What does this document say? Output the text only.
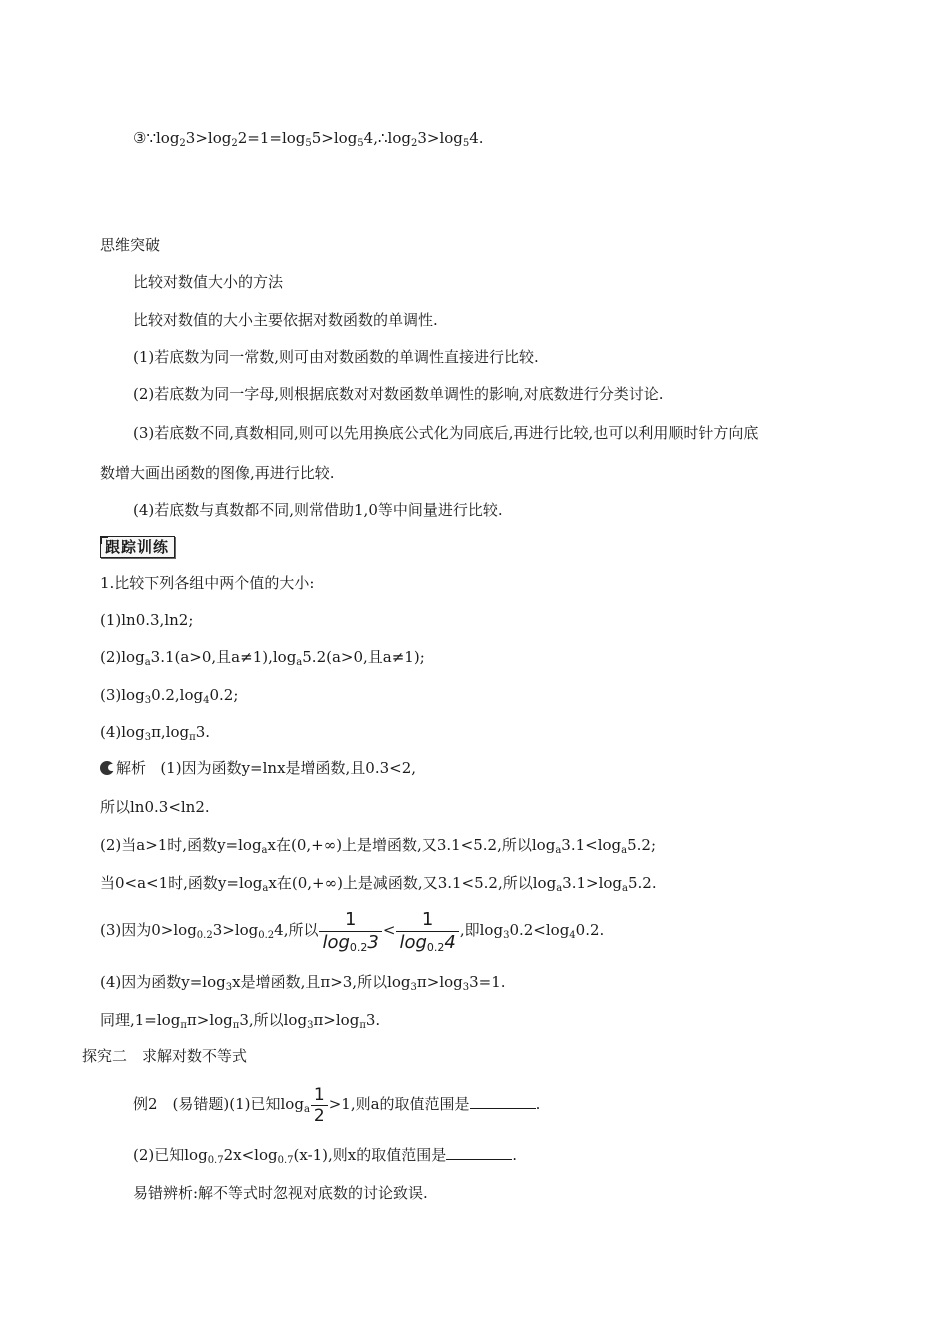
$③\because\log_23>\log_22=1=\log_55>\log_54,\therefore\log_23>\log_54$.
思维突破
比较对数值大小的方法
比较对数值的大小主要依据对数函数的单调性.
(1)若底数为同一常数,则可由对数函数的单调性直接进行比较.
(2)若底数为同一字母,则根据底数对对数函数单调性的影响,对底数进行分类讨论.
(3)若底数不同,真数相同,则可以先用换底公式化为同底后,再进行比较,也可以利用顺时针方向底
数增大画出函数的图像,再进行比较.
(4)若底数与真数都不同,则常借助1,0等中间量进行比较.
跟踪训练
1.比较下列各组中两个值的大小:
(1)ln0.3,ln2;
$(2)\log_a3.1(a>0$,且$a\ne 1),\log_a5.2(a>0$,且a≠1);
$(3)\log_30.2,\log_40.2$;
$(4)\log_3\pi,\log_\pi 3$.
解析 (1)因为函数y=lnx是增函数,且0.3<2,
所以ln0.3<ln2.
(2)当a>1时,函数$y=\log_ax$在(0,+∞)上是增函数,又3.1<5.2,所以$\log_a3.1<\log_a5.2$;
当0<a<1时,函数$y=\log_ax$在(0,+∞)上是减函数,又3.1<5.2,所以$\log_a3.1>\log_a5.2$.
(3)因为$0>\log_{0.2}3>\log_{0.2}4$,所以 $\frac{1}{\log_{0.2}3} < \frac{1}{\log_{0.2}4}$ ,即$\log_30.2<\log_40.2$.
(4)因为函数$y=\log_3x$是增函数,且π>3,所以$\log_3\pi>\log_33=1$.
同理$,1=\log_\pi\pi>\log_\pi 3$,所以$\log_3\pi>\log_\pi 3$.
探究二　求解对数不等式
例2　(易错题)(1)已知$\log_a \frac{1}{2} >1$,则a的取值范围是	.
(2)已知$\log_{0.7}2x<\log_{0.7}(x-1)$,则x的取值范围是	.
易错辨析:解不等式时忽视对底数的讨论致误.
